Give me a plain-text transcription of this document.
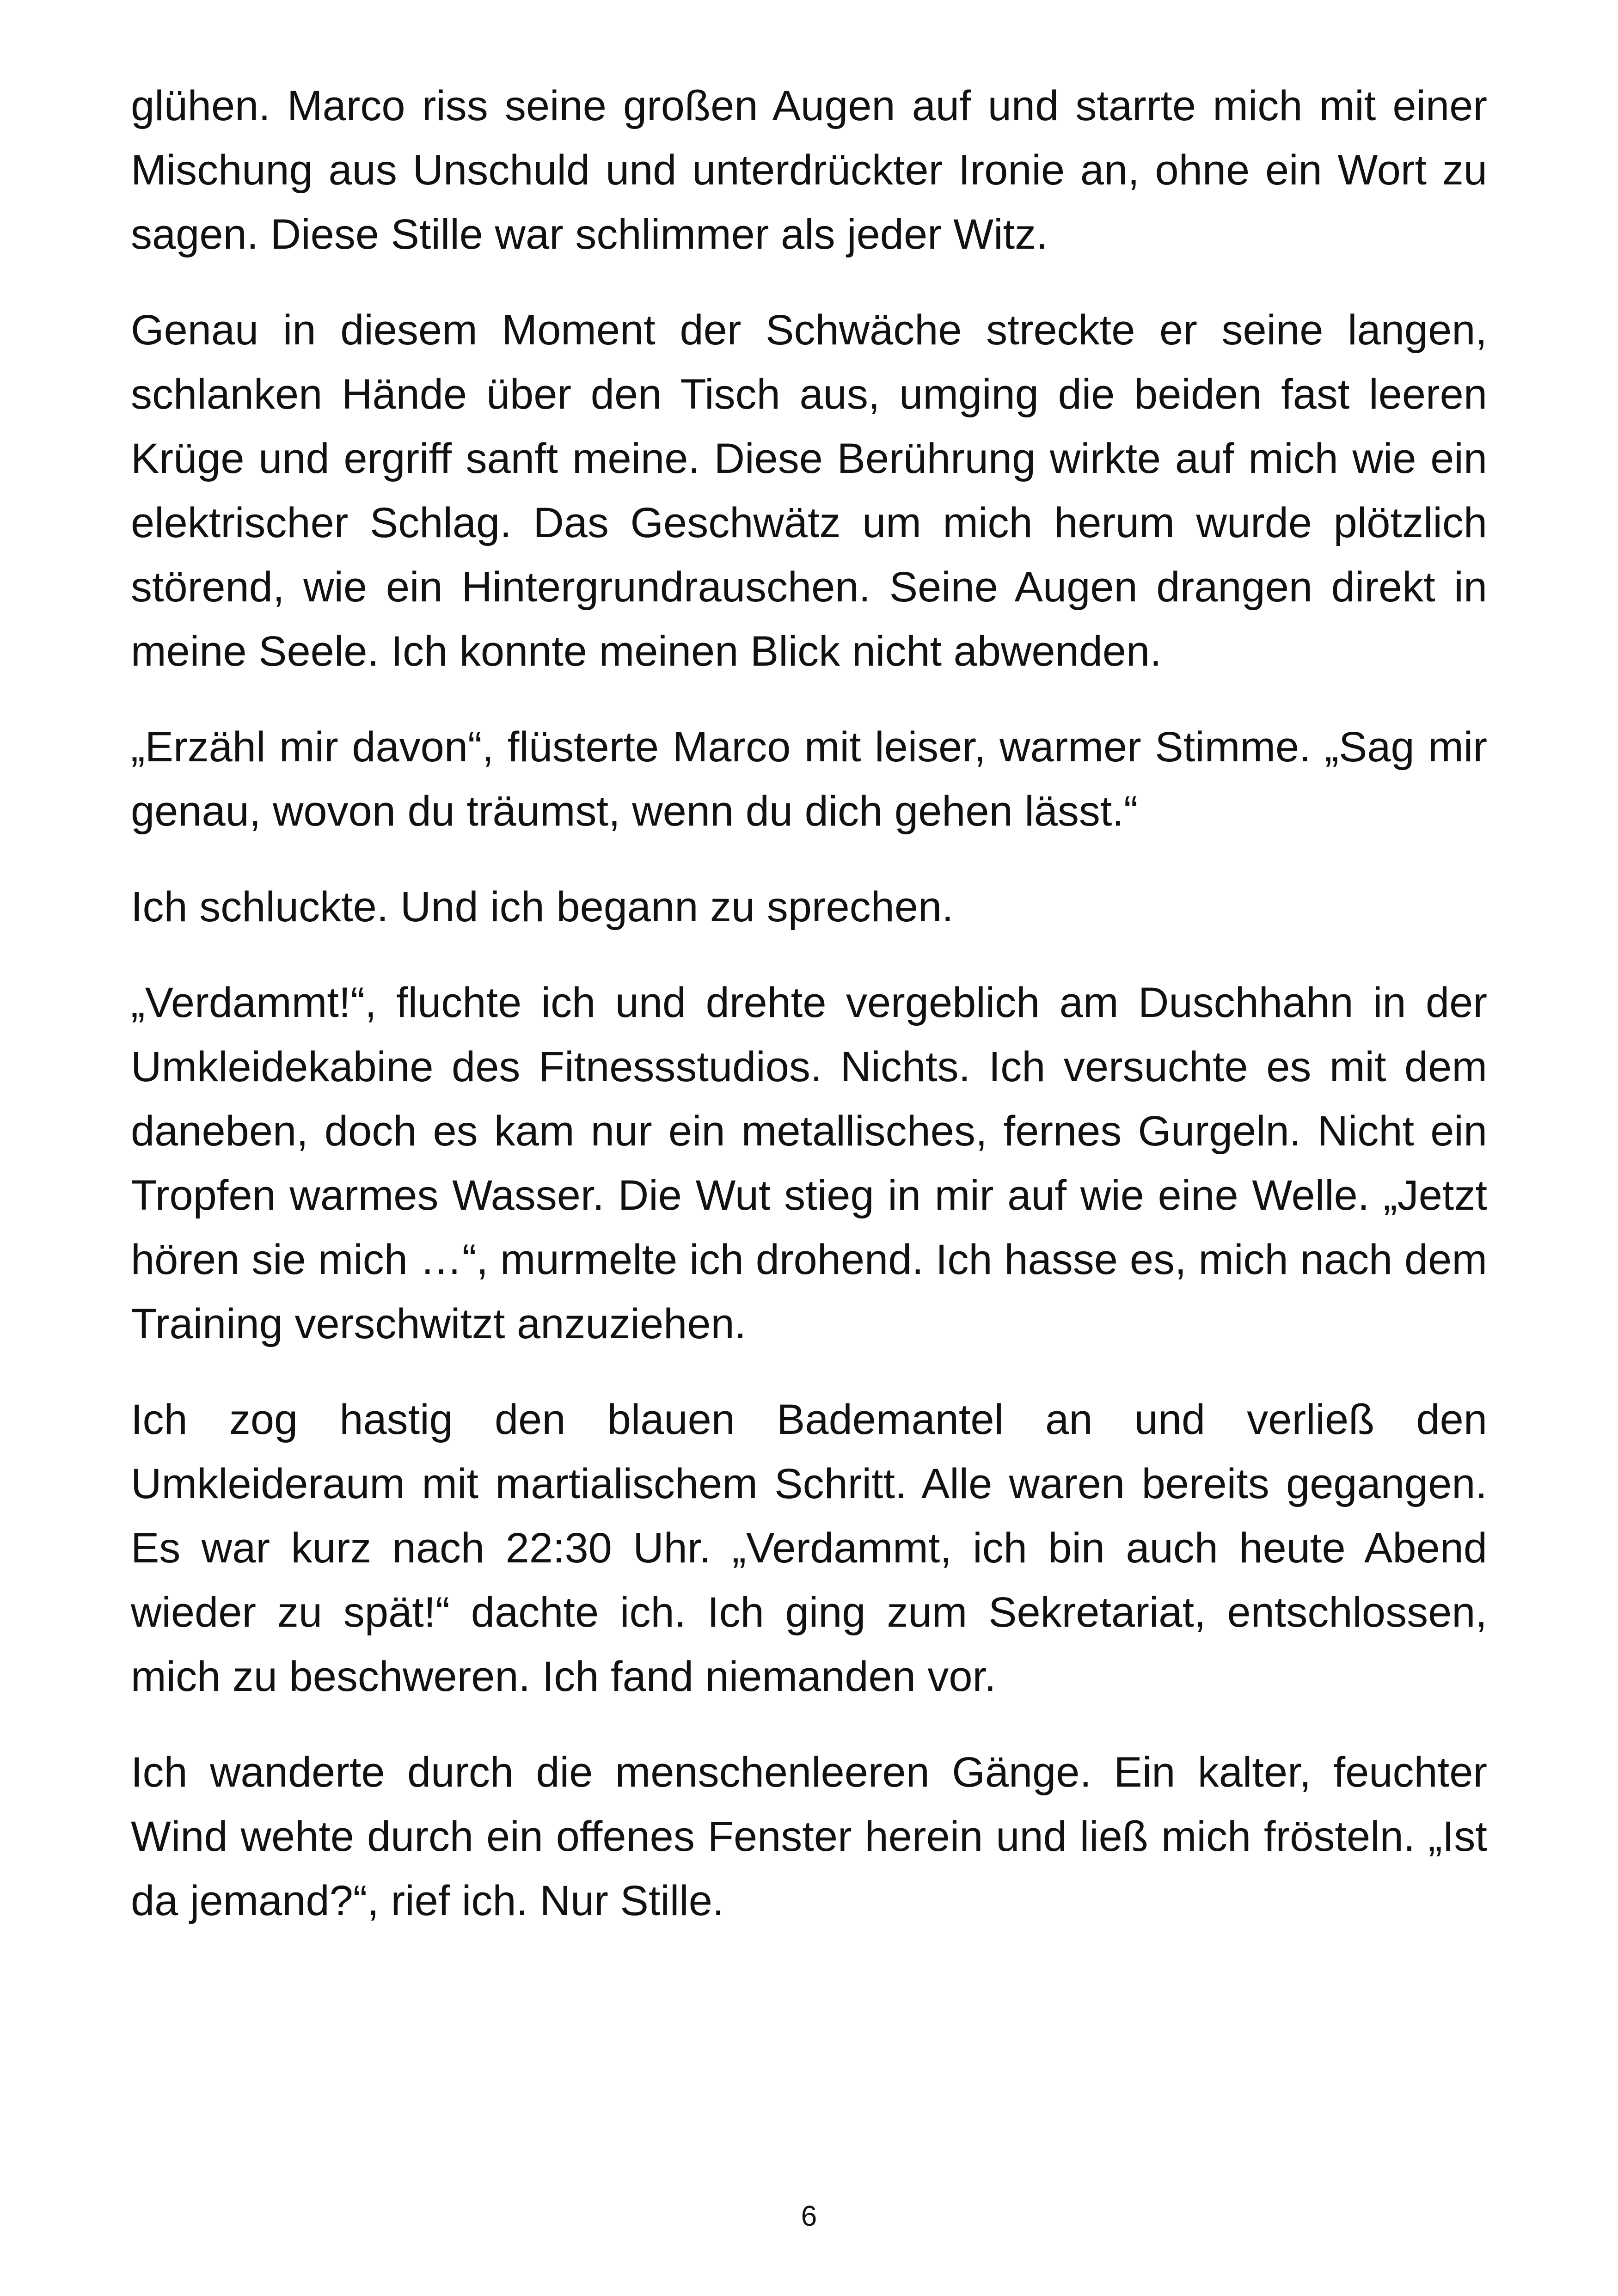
glühen. Marco riss seine großen Augen auf und starrte mich mit einer Mischung aus Unschuld und unterdrückter Ironie an, ohne ein Wort zu sagen. Diese Stille war schlimmer als jeder Witz.

Genau in diesem Moment der Schwäche streckte er seine langen, schlanken Hände über den Tisch aus, umging die beiden fast leeren Krüge und ergriff sanft meine. Diese Berührung wirkte auf mich wie ein elektrischer Schlag. Das Geschwätz um mich herum wurde plötzlich störend, wie ein Hintergrundrauschen. Seine Augen drangen direkt in meine Seele. Ich konnte meinen Blick nicht abwenden.

„Erzähl mir davon“, flüsterte Marco mit leiser, warmer Stimme. „Sag mir genau, wovon du träumst, wenn du dich gehen lässt.“

Ich schluckte. Und ich begann zu sprechen.

„Verdammt!“, fluchte ich und drehte vergeblich am Duschhahn in der Umkleidekabine des Fitnessstudios. Nichts. Ich versuchte es mit dem daneben, doch es kam nur ein metallisches, fernes Gurgeln. Nicht ein Tropfen warmes Wasser. Die Wut stieg in mir auf wie eine Welle. „Jetzt hören sie mich …“, murmelte ich drohend. Ich hasse es, mich nach dem Training verschwitzt anzuziehen.

Ich zog hastig den blauen Bademantel an und verließ den Umkleideraum mit martialischem Schritt. Alle waren bereits gegangen. Es war kurz nach 22:30 Uhr. „Verdammt, ich bin auch heute Abend wieder zu spät!“ dachte ich. Ich ging zum Sekretariat, entschlossen, mich zu beschweren. Ich fand niemanden vor.

Ich wanderte durch die menschenleeren Gänge. Ein kalter, feuchter Wind wehte durch ein offenes Fenster herein und ließ mich frösteln. „Ist da jemand?“, rief ich. Nur Stille.

6
